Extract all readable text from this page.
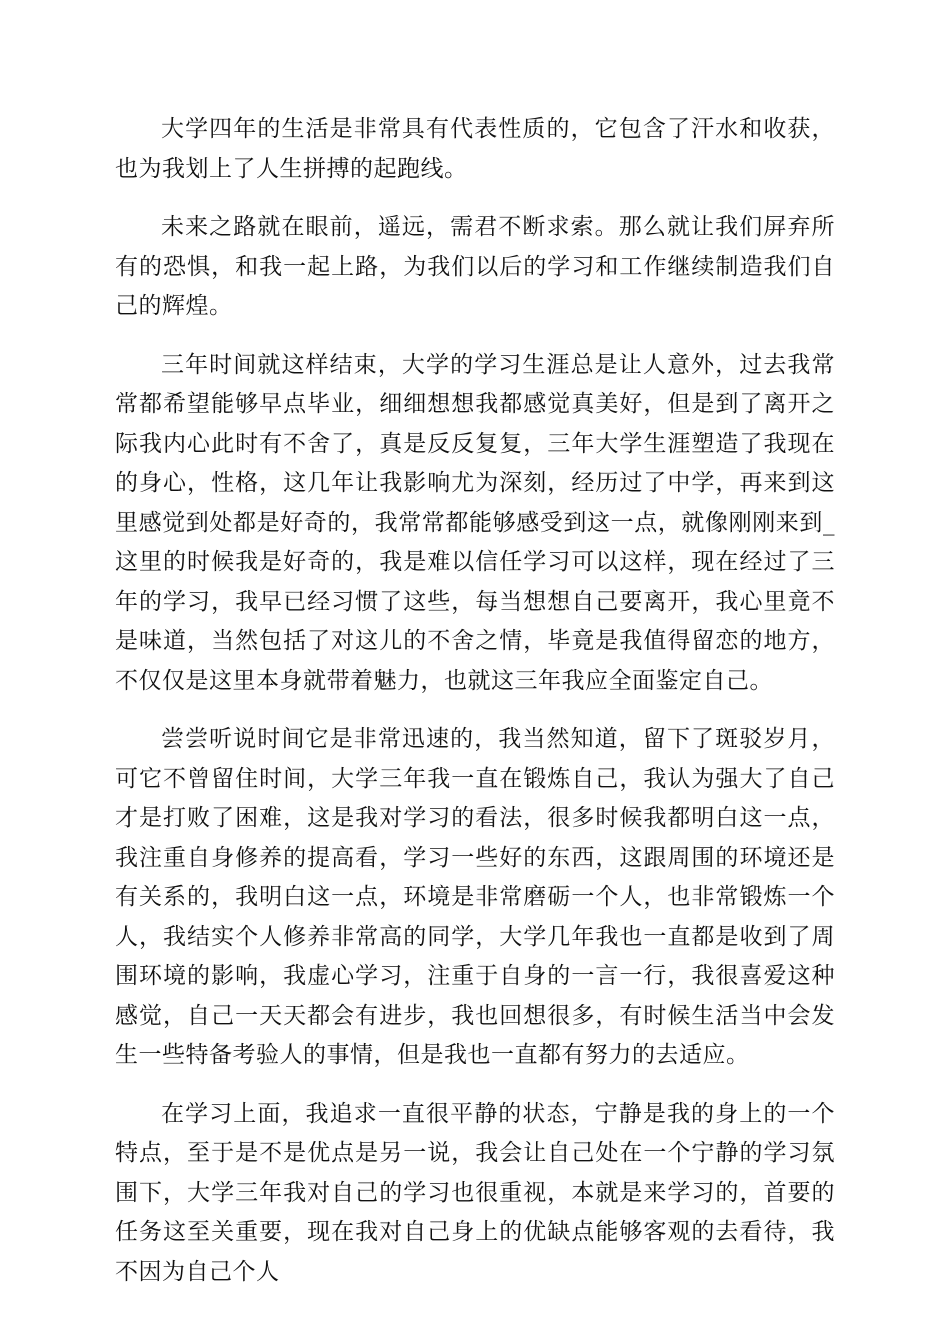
大学四年的生活是非常具有代表性质的，它包含了汗水和收获，也为我划上了人生拼搏的起跑线。

未来之路就在眼前，遥远，需君不断求索。那么就让我们屏弃所有的恐惧，和我一起上路，为我们以后的学习和工作继续制造我们自己的辉煌。

三年时间就这样结束，大学的学习生涯总是让人意外，过去我常常都希望能够早点毕业，细细想想我都感觉真美好，但是到了离开之际我内心此时有不舍了，真是反反复复，三年大学生涯塑造了我现在的身心，性格，这几年让我影响尤为深刻，经历过了中学，再来到这里感觉到处都是好奇的，我常常都能够感受到这一点，就像刚刚来到_这里的时候我是好奇的，我是难以信任学习可以这样，现在经过了三年的学习，我早已经习惯了这些，每当想想自己要离开，我心里竟不是味道，当然包括了对这儿的不舍之情，毕竟是我值得留恋的地方，不仅仅是这里本身就带着魅力，也就这三年我应全面鉴定自己。

尝尝听说时间它是非常迅速的，我当然知道，留下了斑驳岁月，可它不曾留住时间，大学三年我一直在锻炼自己，我认为强大了自己才是打败了困难，这是我对学习的看法，很多时候我都明白这一点，我注重自身修养的提高看，学习一些好的东西，这跟周围的环境还是有关系的，我明白这一点，环境是非常磨砺一个人，也非常锻炼一个人，我结实个人修养非常高的同学，大学几年我也一直都是收到了周围环境的影响，我虚心学习，注重于自身的一言一行，我很喜爱这种感觉，自己一天天都会有进步，我也回想很多，有时候生活当中会发生一些特备考验人的事情，但是我也一直都有努力的去适应。

在学习上面，我追求一直很平静的状态，宁静是我的身上的一个特点，至于是不是优点是另一说，我会让自己处在一个宁静的学习氛围下，大学三年我对自己的学习也很重视，本就是来学习的，首要的任务这至关重要，现在我对自己身上的优缺点能够客观的去看待，我不因为自己个人
